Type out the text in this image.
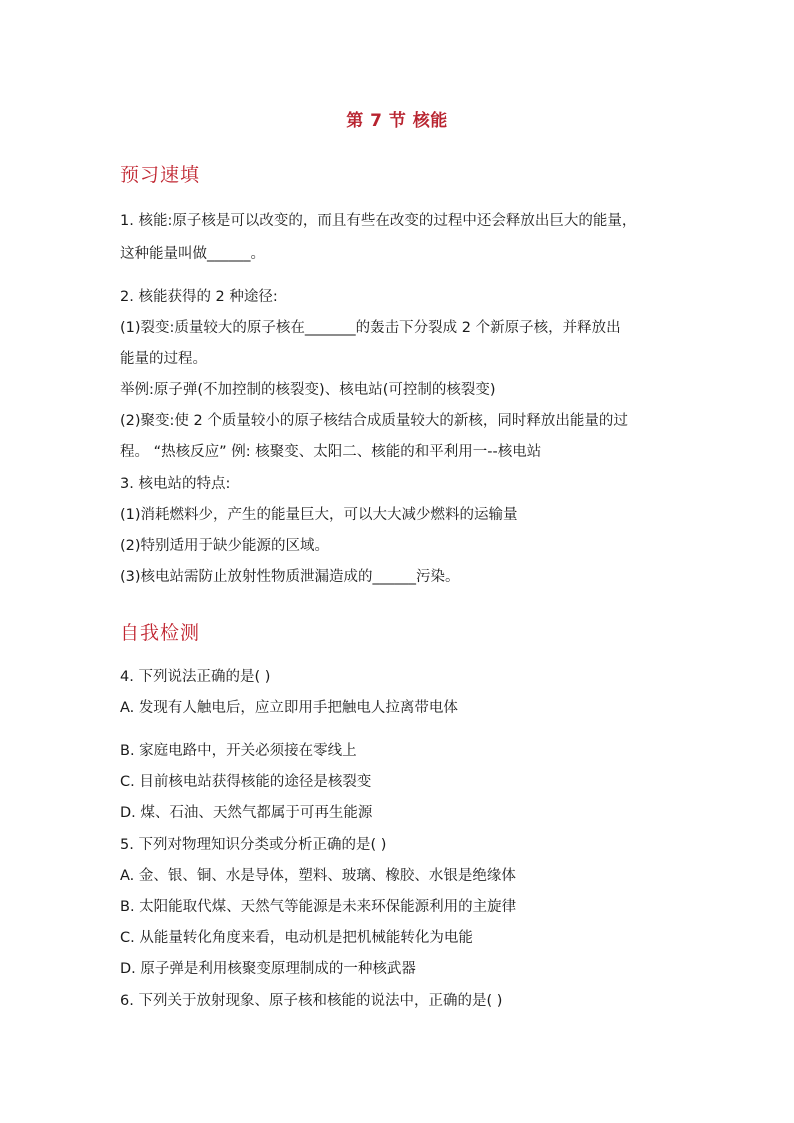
第 7 节 核能
预习速填
1. 核能:原子核是可以改变的，而且有些在改变的过程中还会释放出巨大的能量，
这种能量叫做______。
2. 核能获得的 2 种途径:
(1)裂变:质量较大的原子核在_______的轰击下分裂成 2 个新原子核，并释放出
能量的过程。
举例:原子弹(不加控制的核裂变)、核电站(可控制的核裂变)
(2)聚变:使 2 个质量较小的原子核结合成质量较大的新核，同时释放出能量的过
程。 “热核反应” 例: 核聚变、太阳二、核能的和平利用一--核电站
3. 核电站的特点:
(1)消耗燃料少，产生的能量巨大，可以大大减少燃料的运输量
(2)特别适用于缺少能源的区域。
(3)核电站需防止放射性物质泄漏造成的______污染。
自我检测
4. 下列说法正确的是( )
A. 发现有人触电后，应立即用手把触电人拉离带电体
B. 家庭电路中，开关必须接在零线上
C. 目前核电站获得核能的途径是核裂变
D. 煤、石油、天然气都属于可再生能源
5. 下列对物理知识分类或分析正确的是( )
A. 金、银、铜、水是导体，塑料、玻璃、橡胶、水银是绝缘体
B. 太阳能取代煤、天然气等能源是未来环保能源利用的主旋律
C. 从能量转化角度来看，电动机是把机械能转化为电能
D. 原子弹是利用核聚变原理制成的一种核武器
6. 下列关于放射现象、原子核和核能的说法中，正确的是( )
